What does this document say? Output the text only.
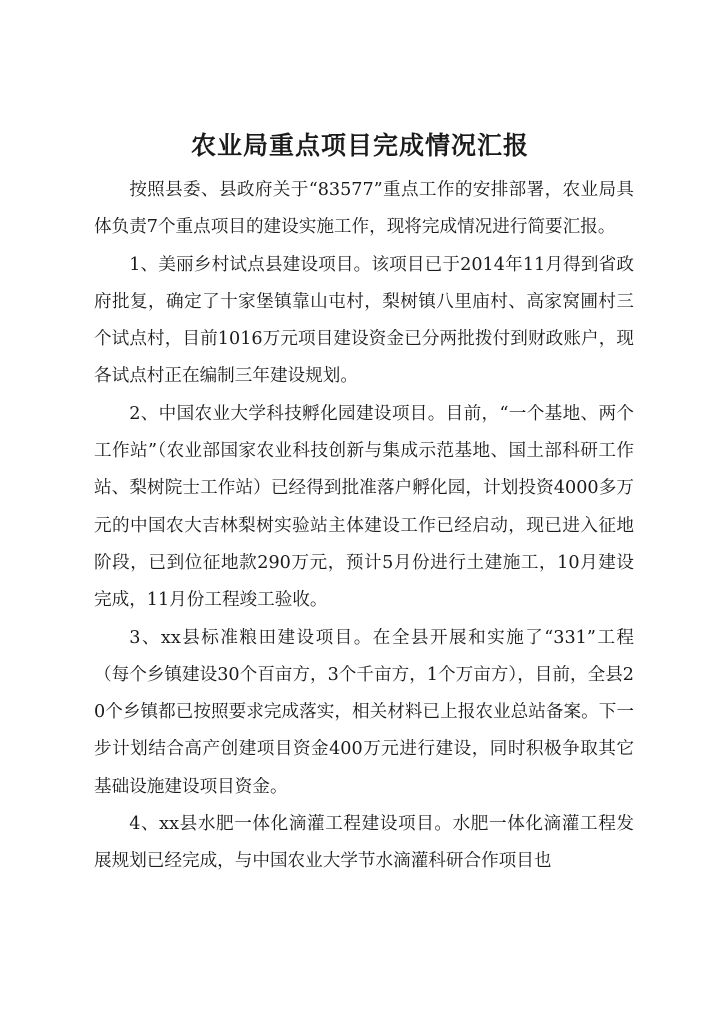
农业局重点项目完成情况汇报

按照县委、县政府关于“83577”重点工作的安排部署，农业局具体负责7个重点项目的建设实施工作，现将完成情况进行简要汇报。

1、美丽乡村试点县建设项目。该项目已于2014年11月得到省政府批复，确定了十家堡镇靠山屯村，梨树镇八里庙村、高家窝圃村三个试点村，目前1016万元项目建设资金已分两批拨付到财政账户，现各试点村正在编制三年建设规划。

2、中国农业大学科技孵化园建设项目。目前，“一个基地、两个工作站”（农业部国家农业科技创新与集成示范基地、国土部科研工作站、梨树院士工作站）已经得到批准落户孵化园，计划投资4000多万元的中国农大吉林梨树实验站主体建设工作已经启动，现已进入征地阶段，已到位征地款290万元，预计5月份进行土建施工，10月建设完成，11月份工程竣工验收。

3、xx县标准粮田建设项目。在全县开展和实施了“331”工程（每个乡镇建设30个百亩方，3个千亩方，1个万亩方），目前，全县20个乡镇都已按照要求完成落实，相关材料已上报农业总站备案。下一步计划结合高产创建项目资金400万元进行建设，同时积极争取其它基础设施建设项目资金。

4、xx县水肥一体化滴灌工程建设项目。水肥一体化滴灌工程发展规划已经完成，与中国农业大学节水滴灌科研合作项目也
